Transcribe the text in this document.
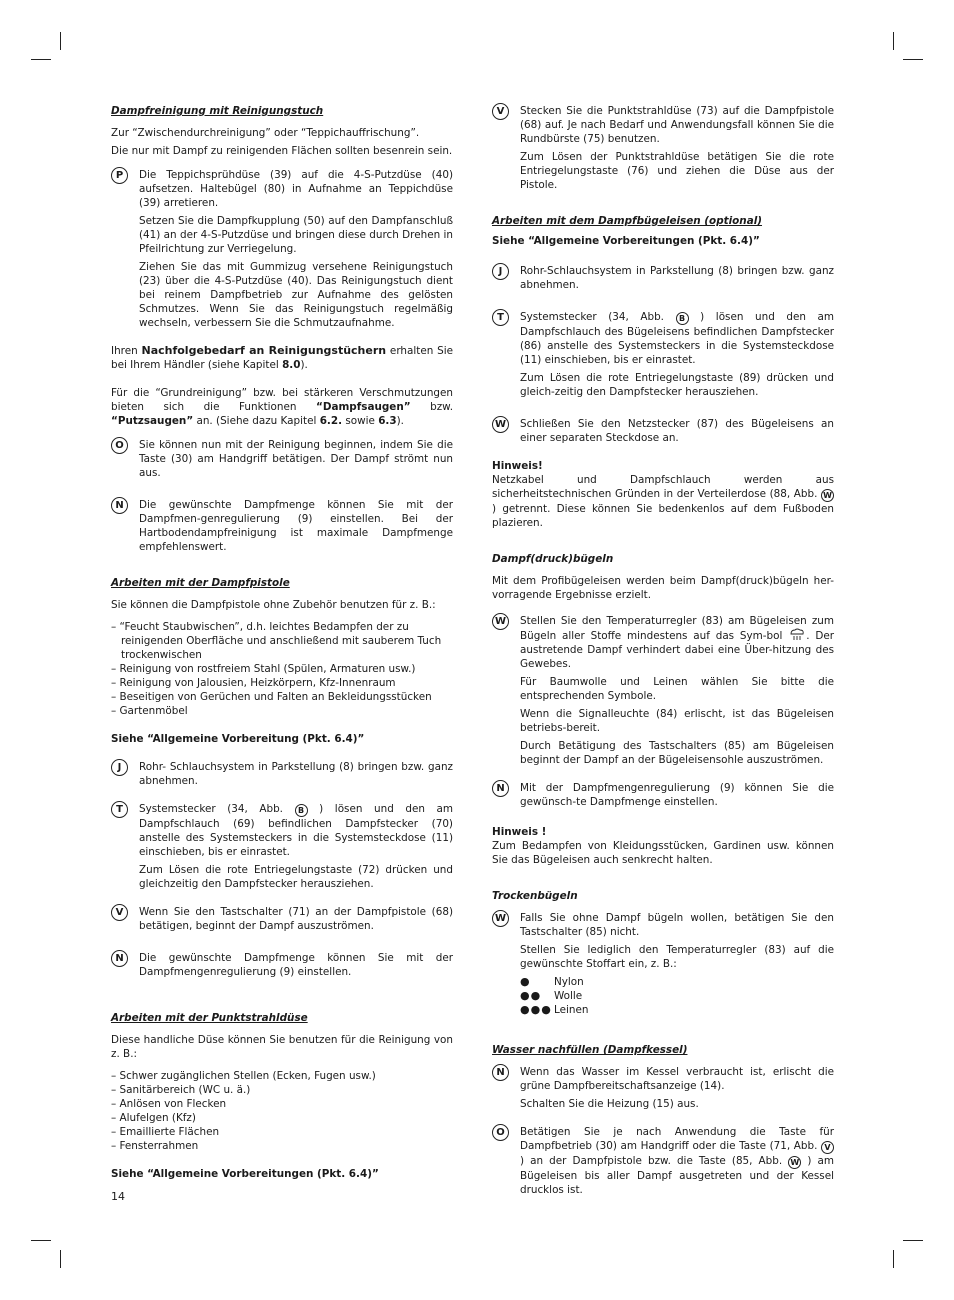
Dampfreinigung mit Reinigungstuch

Zur “Zwischendurchreinigung” oder “Teppichauffrischung”.

Die nur mit Dampf zu reinigenden Flächen sollten besenrein sein.

P	Die Teppichsprühdüse (39) auf die 4-S-Putzdüse (40) aufsetzen. Haltebügel (80) in Aufnahme an Teppichdüse (39) arretieren.

Setzen Sie die Dampfkupplung (50) auf den Dampfanschluß (41) an der 4-S-Putzdüse und bringen diese durch Drehen in Pfeilrichtung zur Verriegelung.

Ziehen Sie das mit Gummizug versehene Reinigungstuch (23) über die 4-S-Putzdüse (40). Das Reinigungstuch dient bei reinem Dampfbetrieb zur Aufnahme des gelösten Schmutzes. Wenn Sie das Reinigungstuch regelmäßig wechseln, verbessern Sie die Schmutzaufnahme.

Ihren Nachfolgebedarf an Reinigungstüchern erhalten Sie bei Ihrem Händler (siehe Kapitel 8.0).

Für die “Grundreinigung” bzw. bei stärkeren Verschmutzungen bieten sich die Funktionen “Dampfsaugen” bzw. “Putzsaugen” an. (Siehe dazu Kapitel 6.2. sowie 6.3).

O	Sie können nun mit der Reinigung beginnen, indem Sie die Taste (30) am Handgriff betätigen. Der Dampf strömt nun aus.

N	Die gewünschte Dampfmenge können Sie mit der Dampfmen-genregulierung (9) einstellen. Bei der Hartbodendampfreinigung ist maximale Dampfmenge empfehlenswert.

Arbeiten mit der Dampfpistole

Sie können die Dampfpistole ohne Zubehör benutzen für z. B.:

– “Feucht Staubwischen”, d.h. leichtes Bedampfen der zu reinigenden Oberfläche und anschließend mit sauberem Tuch trockenwischen

– Reinigung von rostfreiem Stahl (Spülen, Armaturen usw.)

– Reinigung von Jalousien, Heizkörpern, Kfz-Innenraum

– Beseitigen von Gerüchen und Falten an Bekleidungsstücken

– Gartenmöbel

Siehe “Allgemeine Vorbereitung (Pkt. 6.4)”

J	Rohr- Schlauchsystem in Parkstellung (8) bringen bzw. ganz abnehmen.

T	Systemstecker (34, Abb. B ) lösen und den am Dampfschlauch (69) befindlichen Dampfstecker (70) anstelle des Systemsteckers in die Systemsteckdose (11) einschieben, bis er einrastet.

Zum Lösen die rote Entriegelungstaste (72) drücken und gleichzeitig den Dampfstecker herausziehen.

V	Wenn Sie den Tastschalter (71) an der Dampfpistole (68) betätigen, beginnt der Dampf auszuströmen.

N	Die gewünschte Dampfmenge können Sie mit der Dampfmengenregulierung (9) einstellen.

Arbeiten mit der Punktstrahldüse

Diese handliche Düse können Sie benutzen für die Reinigung von z. B.:

– Schwer zugänglichen Stellen (Ecken, Fugen usw.)

– Sanitärbereich (WC u. ä.)

– Anlösen von Flecken

– Alufelgen (Kfz)

– Emaillierte Flächen

– Fensterrahmen

Siehe “Allgemeine Vorbereitungen (Pkt. 6.4)”

V	Stecken Sie die Punktstrahldüse (73) auf die Dampfpistole (68) auf. Je nach Bedarf und Anwendungsfall können Sie die Rundbürste (75) benutzen.

Zum Lösen der Punktstrahldüse betätigen Sie die rote Entriegelungstaste (76) und ziehen die Düse aus der Pistole.

Arbeiten mit dem Dampfbügeleisen (optional)

Siehe “Allgemeine Vorbereitungen (Pkt. 6.4)”

J	Rohr-Schlauchsystem in Parkstellung (8) bringen bzw. ganz abnehmen.

T	Systemstecker (34, Abb. B ) lösen und den am Dampfschlauch des Bügeleisens befindlichen Dampfstecker (86) anstelle des Systemsteckers in die Systemsteckdose (11) einschieben, bis er einrastet.

Zum Lösen die rote Entriegelungstaste (89) drücken und gleich-zeitig den Dampfstecker herausziehen.

W Schließen Sie den Netzstecker (87) des Bügeleisens an einer separaten Steckdose an.

Hinweis!

Netzkabel und Dampfschlauch werden aus sicherheitstechnischen Gründen in der Verteilerdose (88, Abb. W ) getrennt. Diese können Sie bedenkenlos auf dem Fußboden plazieren.

Dampf(druck)bügeln

Mit dem Profibügeleisen werden beim Dampf(druck)bügeln her-vorragende Ergebnisse erzielt.

W Stellen Sie den Temperaturregler (83) am Bügeleisen zum Bügeln aller Stoffe mindestens auf das Sym-bol . Der austretende Dampf verhindert dabei eine Über-hitzung des Gewebes.

Für Baumwolle und Leinen wählen Sie bitte die entsprechenden Symbole.

Wenn die Signalleuchte (84) erlischt, ist das Bügeleisen betriebs-bereit.

Durch Betätigung des Tastschalters (85) am Bügeleisen beginnt der Dampf an der Bügeleisensohle auszuströmen.

N	Mit der Dampfmengenregulierung (9) können Sie die gewünsch-te Dampfmenge einstellen.

Hinweis !

Zum Bedampfen von Kleidungsstücken, Gardinen usw. können Sie das Bügeleisen auch senkrecht halten.

Trockenbügeln

W Falls Sie ohne Dampf bügeln wollen, betätigen Sie den Tastschalter (85) nicht.

Stellen Sie lediglich den Temperaturregler (83) auf die gewünschte Stoffart ein, z. B.:

●	Nylon
●●	Wolle
●●● Leinen

Wasser nachfüllen (Dampfkessel)

N	Wenn das Wasser im Kessel verbraucht ist, erlischt die grüne Dampfbereitschaftsanzeige (14).

Schalten Sie die Heizung (15) aus.

O	Betätigen Sie je nach Anwendung die Taste für Dampfbetrieb (30) am Handgriff oder die Taste (71, Abb. V ) an der Dampfpistole bzw. die Taste (85, Abb. W ) am Bügeleisen bis aller Dampf ausgetreten und der Kessel drucklos ist.

14
